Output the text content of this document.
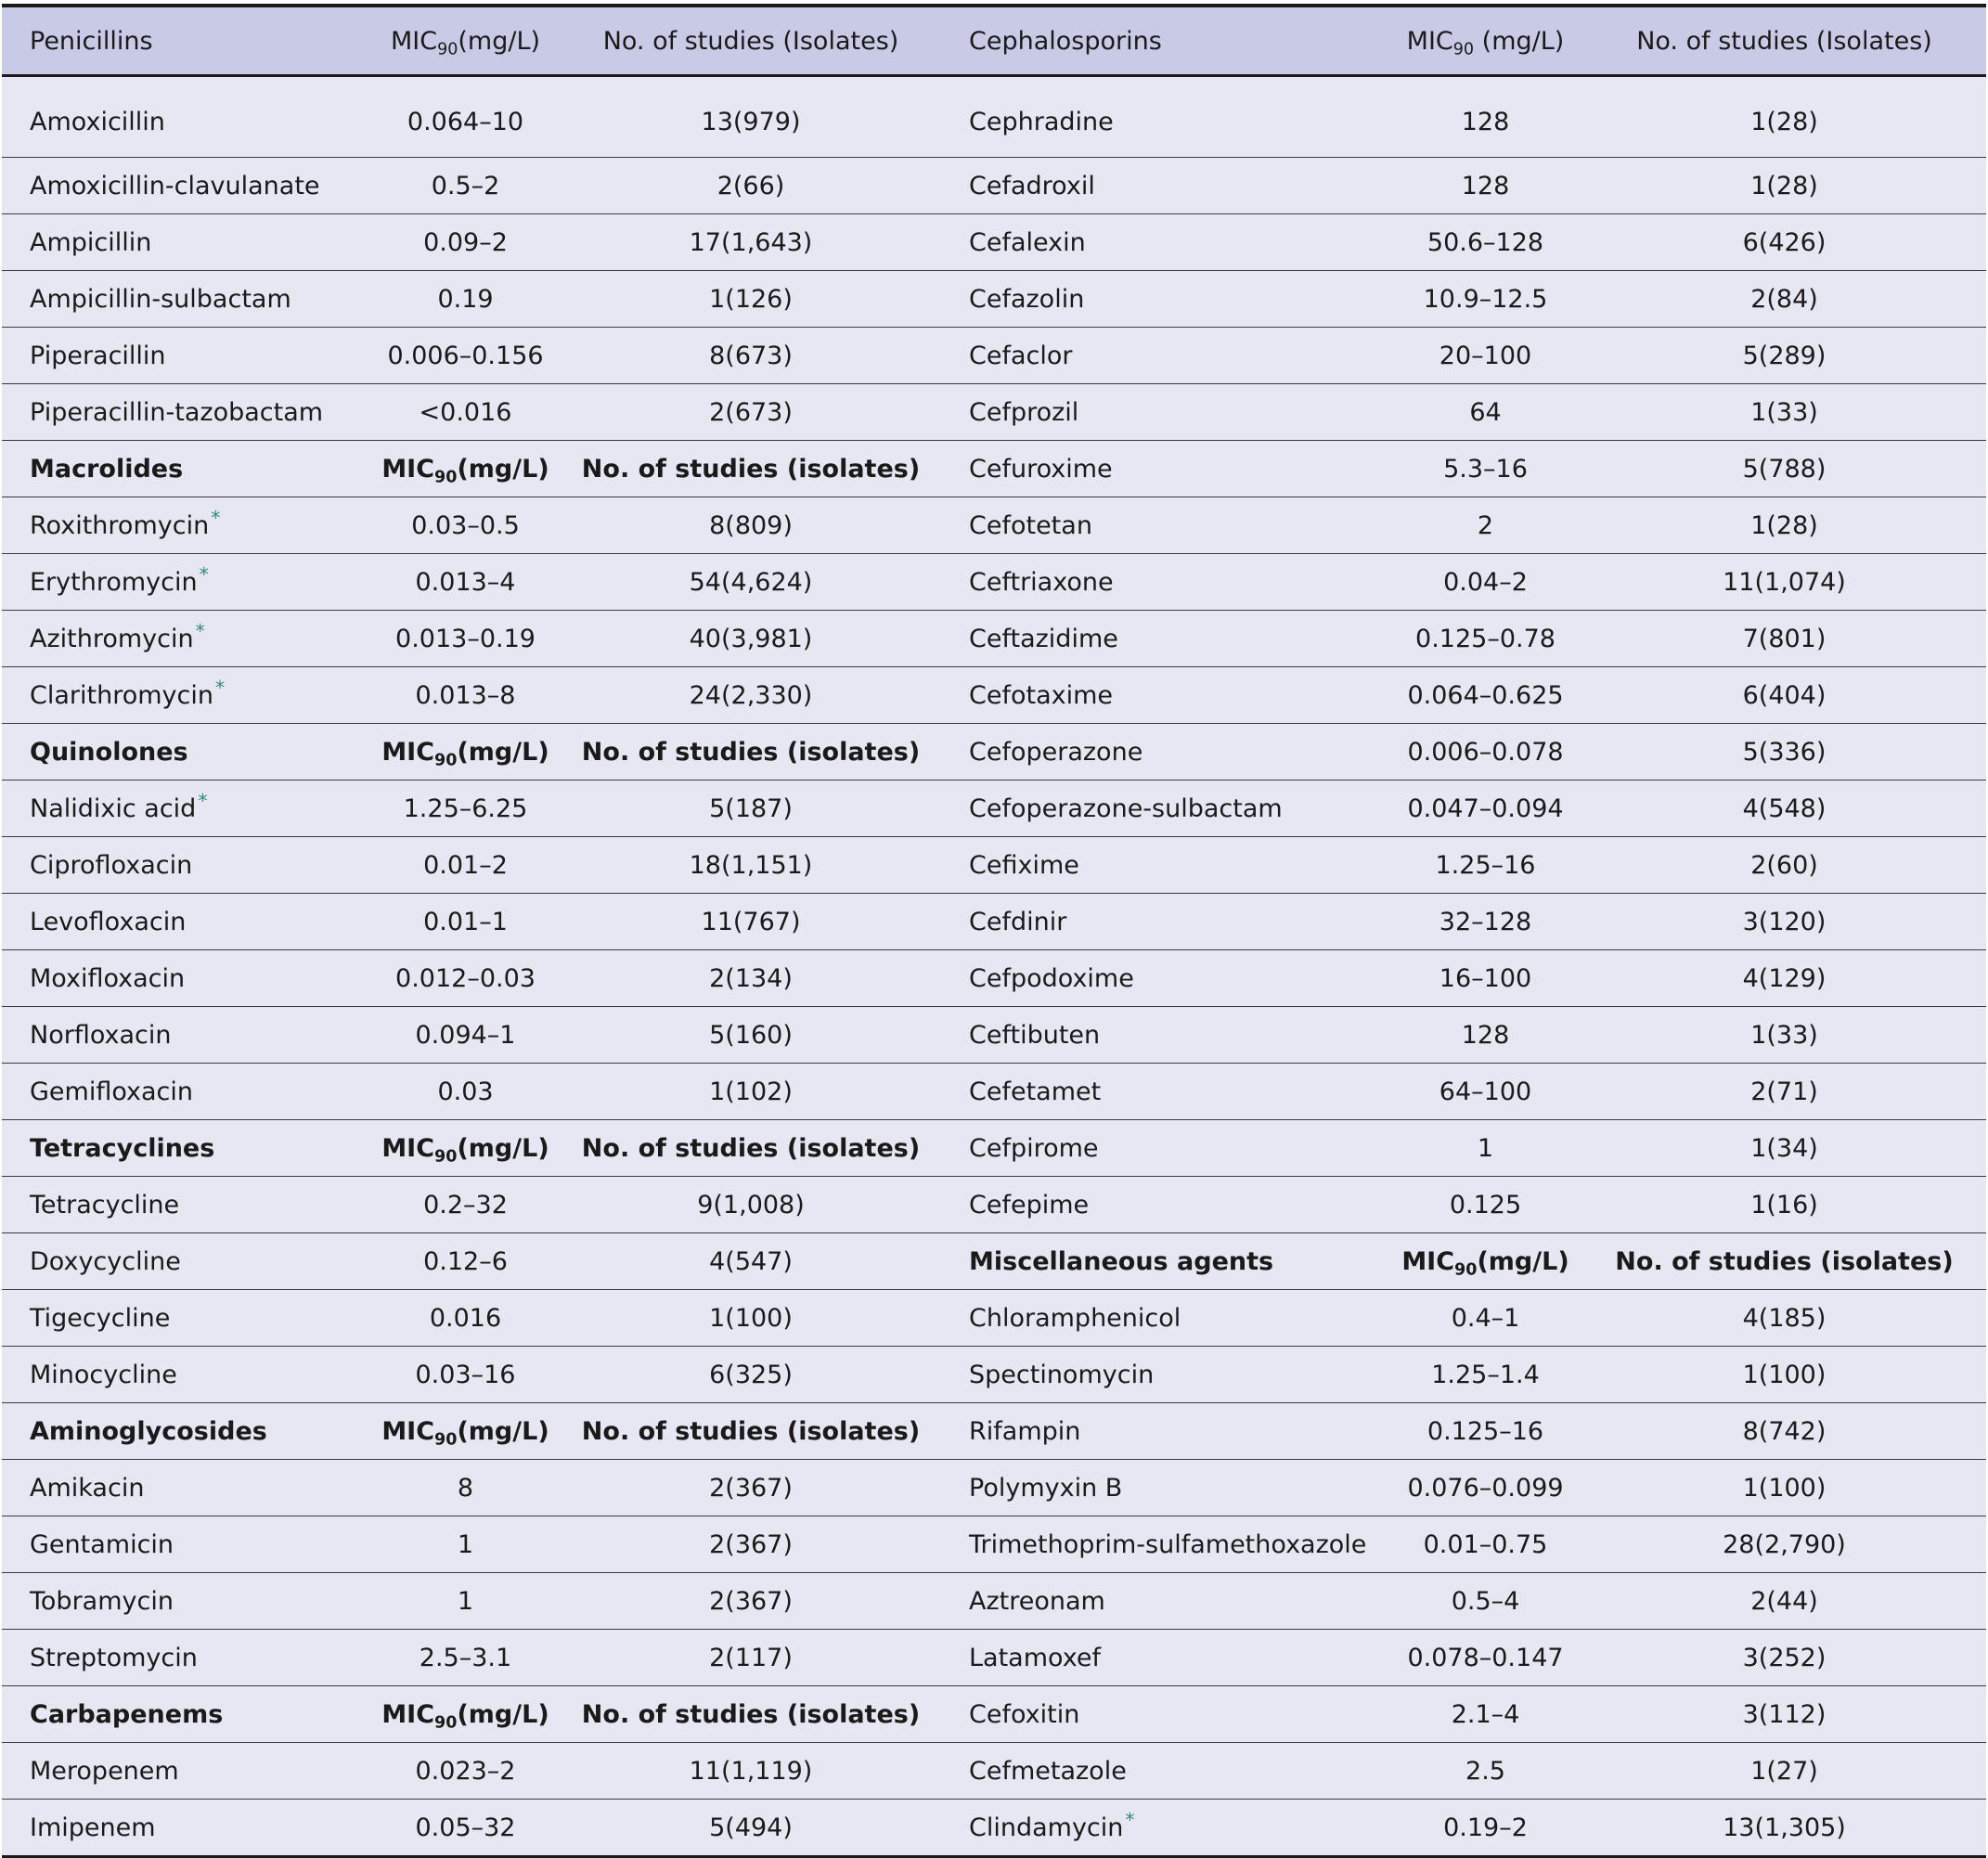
Penicillins	$MIC_{90}(mg/L)$	No. of studies (Isolates)	Cephalosporins	$MIC_{90}$ (mg/L)	No. of studies (Isolates)
Amoxicillin	0.064–10	13(979)	Cephradine	128	1(28)
Amoxicillin-clavulanate	0.5–2	2(66)	Cefadroxil	128	1(28)
Ampicillin	0.09–2	17(1,643)	Cefalexin	50.6–128	6(426)
Ampicillin-sulbactam	0.19	1(126)	Cefazolin	10.9–12.5	2(84)
Piperacillin	0.006–0.156	8(673)	Cefaclor	20–100	5(289)
Piperacillin-tazobactam	<0.016	2(673)	Cefprozil	64	1(33)
Macrolides	$MIC_{90}(mg/L)$	No. of studies (isolates)	Cefuroxime	5.3–16	5(788)
Roxithromycin*	0.03–0.5	8(809)	Cefotetan	2	1(28)
Erythromycin*	0.013–4	54(4,624)	Ceftriaxone	0.04–2	11(1,074)
Azithromycin*	0.013–0.19	40(3,981)	Ceftazidime	0.125–0.78	7(801)
Clarithromycin*	0.013–8	24(2,330)	Cefotaxime	0.064–0.625	6(404)
Quinolones	$MIC_{90}(mg/L)$	No. of studies (isolates)	Cefoperazone	0.006–0.078	5(336)
Nalidixic acid*	1.25–6.25	5(187)	Cefoperazone-sulbactam	0.047–0.094	4(548)
Ciprofloxacin	0.01–2	18(1,151)	Cefixime	1.25–16	2(60)
Levofloxacin	0.01–1	11(767)	Cefdinir	32–128	3(120)
Moxifloxacin	0.012–0.03	2(134)	Cefpodoxime	16–100	4(129)
Norfloxacin	0.094–1	5(160)	Ceftibuten	128	1(33)
Gemifloxacin	0.03	1(102)	Cefetamet	64–100	2(71)
Tetracyclines	$MIC_{90}(mg/L)$	No. of studies (isolates)	Cefpirome	1	1(34)
Tetracycline	0.2–32	9(1,008)	Cefepime	0.125	1(16)
Doxycycline	0.12–6	4(547)	Miscellaneous agents	$MIC_{90}(mg/L)$	No. of studies (isolates)
Tigecycline	0.016	1(100)	Chloramphenicol	0.4–1	4(185)
Minocycline	0.03–16	6(325)	Spectinomycin	1.25–1.4	1(100)
Aminoglycosides	$MIC_{90}(mg/L)$	No. of studies (isolates)	Rifampin	0.125–16	8(742)
Amikacin	8	2(367)	Polymyxin B	0.076–0.099	1(100)
Gentamicin	1	2(367)	Trimethoprim-sulfamethoxazole	0.01–0.75	28(2,790)
Tobramycin	1	2(367)	Aztreonam	0.5–4	2(44)
Streptomycin	2.5–3.1	2(117)	Latamoxef	0.078–0.147	3(252)
Carbapenems	$MIC_{90}(mg/L)$	No. of studies (isolates)	Cefoxitin	2.1–4	3(112)
Meropenem	0.023–2	11(1,119)	Cefmetazole	2.5	1(27)
Imipenem	0.05–32	5(494)	Clindamycin*	0.19–2	13(1,305)
